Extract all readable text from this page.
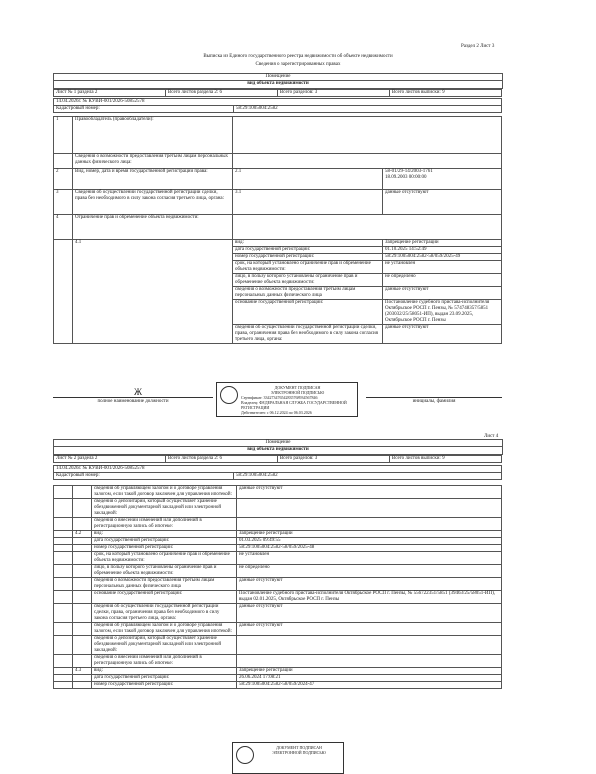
Раздел 2 Лист 3
Выписка из Единого государственного реестра недвижимости об объекте недвижимости
Сведения о зарегистрированных правах
Помещение
вид объекта недвижимости
Лист № 1 раздела 2	Всего листов раздела 2: 6	Всего разделов: 3	Всего листов выписки: 9
14.04.2026г. № КУВИ-001/2026-50852578
Кадастровый номер:	58:29:1005004:2582
1	Правообладатель (правообладатели):		
	Сведения о возможности предоставления третьим лицам персональных данных физического лица:		
2	Вид, номер, дата и время государственной регистрации права:	2.1	58-01/29-14/2003-1761
18.09.2003 00:00:00
3	Сведения об осуществлении государственной регистрации сделки, права без необходимого в силу закона согласия третьего лица, органа:	3.1	данные отсутствуют
4	Ограничение прав и обременение объекта недвижимости:		
	4.1	вид:	Запрещение регистрации
		дата государственной регистрации:	01.10.2025 14:52:49
		номер государственной регистрации:	58:29:1005004:2582-58/059/2025-49
		срок, на который установлено ограничение прав и обременение объекта недвижимости:	не установлен
		лицо, в пользу которого установлены ограничение прав и обременение объекта недвижимости:	не определено
		сведения о возможности предоставления третьим лицам персональных данных физического лица	данные отсутствуют
		основание государственной регистрации:	Постановление судебного пристава-исполнителя Октябрьское РОСП г. Пензы, № 574748357/5851 (203032/25/58051-ИП), выдан 23.09.2025, Октябрьское РОСП г. Пензы
		сведения об осуществлении государственной регистрации сделки, права, ограничения права без необходимого в силу закона согласия третьего лица, органа:	данные отсутствуют
Ж
полное наименование должности	инициалы, фамилия
ДОКУМЕНТ ПОДПИСАН
ЭЛЕКТРОННОЙ ПОДПИСЬЮ
Сертификат: 334273476542835768934567846
Владелец: ФЕДЕРАЛЬНАЯ СЛУЖБА ГОСУДАРСТВЕННОЙ
РЕГИСТРАЦИИ
Действителен: с 06.12.2024 по 06.03.2026
Лист 4
Помещение
вид объекта недвижимости
Лист № 2 раздела 2	Всего листов раздела 2: 6	Всего разделов: 3	Всего листов выписки: 9
14.04.2026г. № КУВИ-001/2026-50852578
Кадастровый номер:	58:29:1005004:2582
		сведения об управляющем залогом и о договоре управления залогом, если такой договор заключен для управления ипотекой:	данные отсутствуют
		сведения о депозитарии, который осуществляет хранение обездвиженной документарной закладной или электронной закладной:	
		сведения о внесении изменений или дополнений в регистрационную запись об ипотеке:	
	4.2	вид:	Запрещение регистрации
		дата государственной регистрации:	01.03.2025 09:49:55
		номер государственной регистрации:	58:29:1005004:2582-58/059/2025-48
		срок, на который установлено ограничение прав и обременение объекта недвижимости:	не установлен
		лицо, в пользу которого установлены ограничение прав и обременение объекта недвижимости:	не определено
		сведения о возможности предоставления третьим лицам персональных данных физического лица	данные отсутствуют
		основание государственной регистрации:	Постановление судебного пристава-исполнителя Октябрьское РОСП г. Пензы, № 556722351/5851 (39463/25/58051-ИП), выдан 02.01.2025, Октябрьское РОСП г. Пензы
		сведения об осуществлении государственной регистрации сделки, права, ограничения права без необходимого в силу закона согласия третьего лица, органа:	данные отсутствуют
		сведения об управляющем залогом и о договоре управления залогом, если такой договор заключен для управления ипотекой:	данные отсутствуют
		сведения о депозитарии, который осуществляет хранение обездвиженной документарной закладной или электронной закладной:	
		сведения о внесении изменений или дополнений в регистрационную запись об ипотеке:	
	4.3	вид:	Запрещение регистрации
		дата государственной регистрации:	26.06.2024 17:08:21
		номер государственной регистрации:	58:29:1005004:2582-58/059/2024-47
ДОКУМЕНТ ПОДПИСАН
ЭЛЕКТРОННОЙ ПОДПИСЬЮ
